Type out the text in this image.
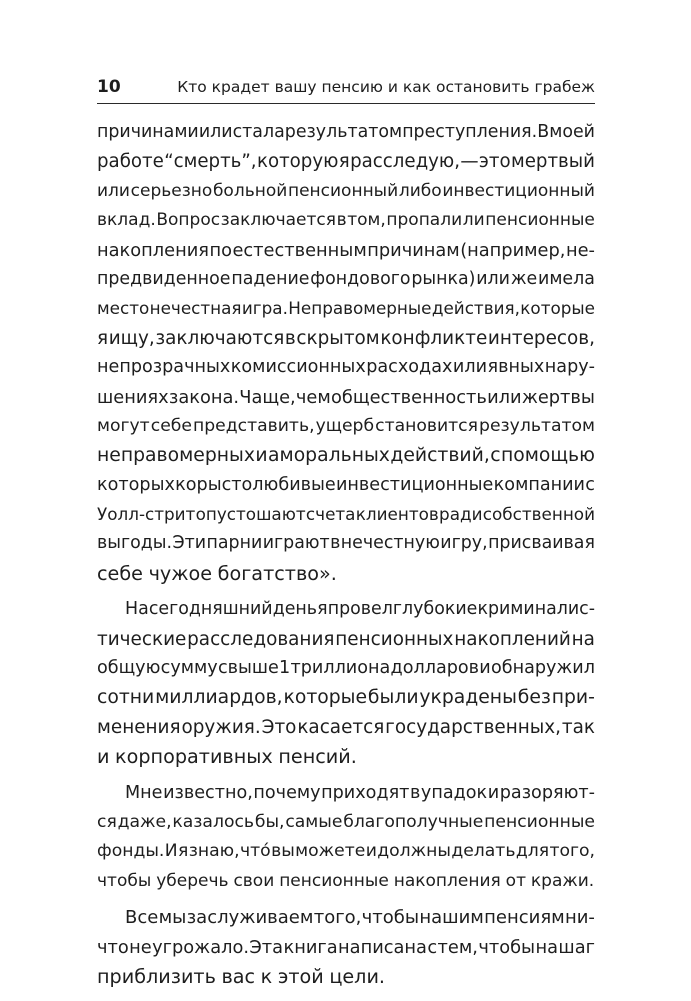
10	Кто крадет вашу пенсию и как остановить грабеж
причинами или стала результатом преступления. В моей
работе “смерть”, которую я расследую, — это мертвый
или серьезно больной пенсионный либо инвестиционный
вклад. Вопрос заключается в том, пропали ли пенсионные
накопления по естественным причинам (например, не-
предвиденное падение фондового рынка) или же имела
место нечестная игра. Неправомерные действия, которые
я ищу, заключаются в скрытом конфликте интересов,
непрозрачных комиссионных расходах или явных нару-
шениях закона. Чаще, чем общественность или жертвы
могут себе представить, ущерб становится результатом
неправомерных и аморальных действий, с помощью
которых корыстолюбивые инвестиционные компании с
Уолл-стрит опустошают счета клиентов ради собственной
выгоды. Эти парни играют в нечестную игру, присваивая
себе чужое богатство».
На сегодняшний день я провел глубокие криминалис-
тические расследования пенсионных накоплений на
общую сумму свыше 1 триллиона долларов и обнаружил
сотни миллиардов, которые были украдены без при-
менения оружия. Это касается государственных, так
и корпоративных пенсий.
Мне известно, почему приходят в упадок и разоряют-
ся даже, казалось бы, самые благополучные пенсионные
фонды. И я знаю, что́ вы можете и должны делать для того,
чтобы уберечь свои пенсионные накопления от кражи.
Все мы заслуживаем того, чтобы нашим пенсиям ни-
что не угрожало. Эта книга написана с тем, чтобы на шаг
приблизить вас к этой цели.
